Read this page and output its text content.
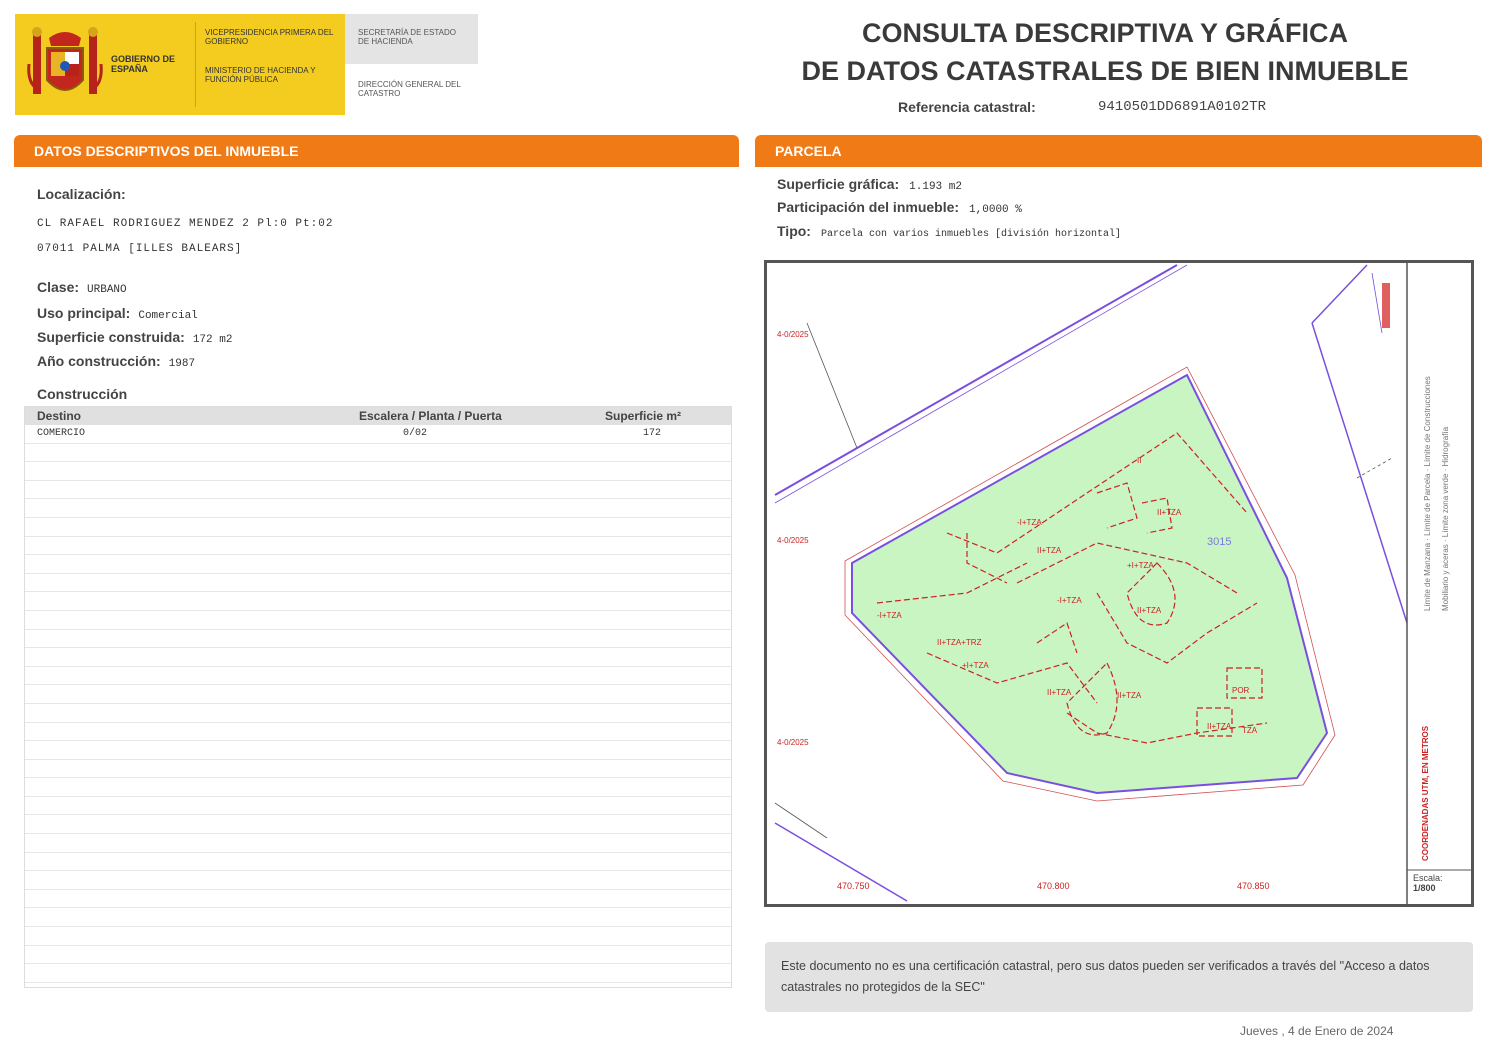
GOBIERNO DE ESPAÑA
VICEPRESIDENCIA PRIMERA DEL GOBIERNO
MINISTERIO DE HACIENDA Y FUNCIÓN PÚBLICA
SECRETARÍA DE ESTADO DE HACIENDA
DIRECCIÓN GENERAL DEL CATASTRO
CONSULTA DESCRIPTIVA Y GRÁFICA
DE DATOS CATASTRALES DE BIEN INMUEBLE
Referencia catastral:	9410501DD6891A0102TR
DATOS DESCRIPTIVOS DEL INMUEBLE
Localización:
CL RAFAEL RODRIGUEZ MENDEZ 2 Pl:0 Pt:02
07011 PALMA [ILLES BALEARS]
Clase: URBANO
Uso principal: Comercial
Superficie construida: 172 m2
Año construcción: 1987
Construcción
Destino	Escalera / Planta / Puerta	Superficie m²
COMERCIO	0/02	172
PARCELA
Superficie gráfica: 1.193 m2
Participación del inmueble: 1,0000 %
Tipo: Parcela con varios inmuebles [división horizontal]
-I+TZA
II+TZA+TRZ
+I+TZA
II+TZA
-I+TZA
-I+TZA
+I+TZA
II+TZA
II+TZA
II+TZA
POR
II+TZA TZA
II+TZA
II
4-0/2025
4-0/2025
4-0/2025
3015
470.750	470.800	470.850
.
Límite de Manzana · Límite de Parcela · Límite de Construcciones
Mobiliario y aceras · Límite zona verde · Hidrografía
COORDENADAS UTM, EN METROS
Escala:
1/800
Este documento no es una certificación catastral, pero sus datos pueden ser verificados a través del "Acceso a datos catastrales no protegidos de la SEC"
Jueves , 4 de Enero de 2024
